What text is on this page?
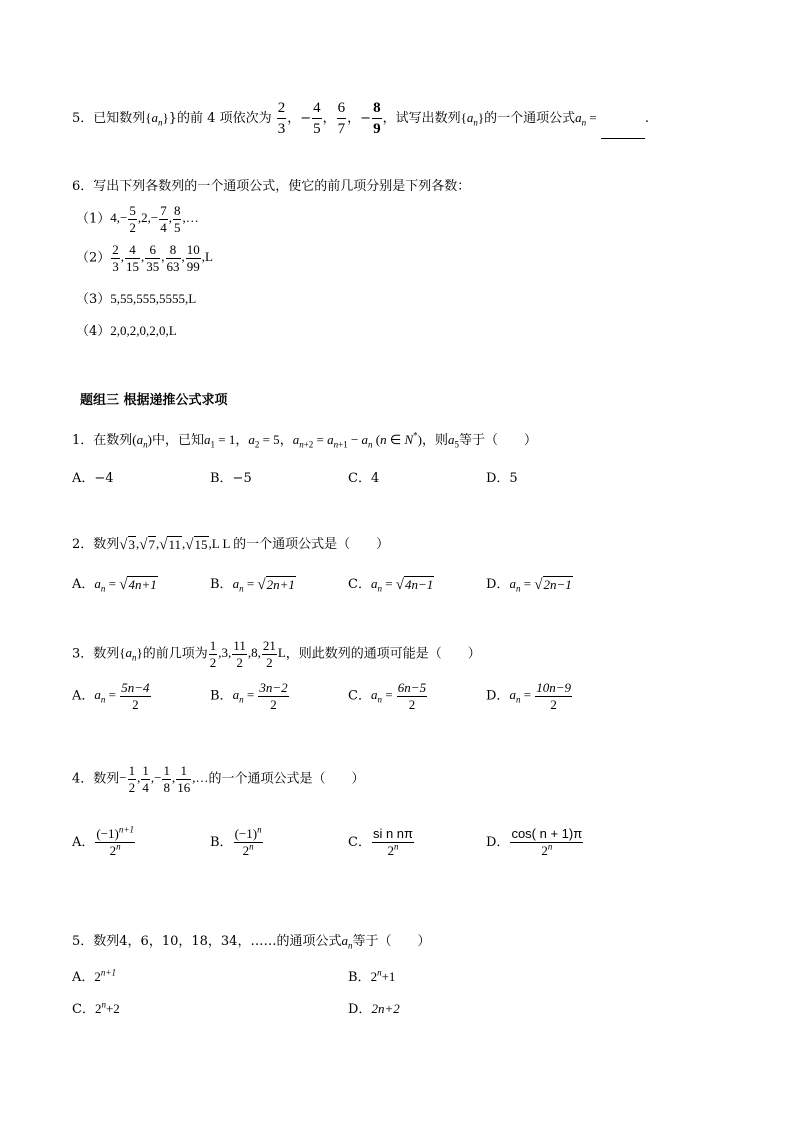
5．已知数列$\{a_n\}$}的前 4 项依次为 $\frac{2}{3}$ ，− $\frac{4}{5}$ ， $\frac{6}{7}$ ，− $\frac{8}{9}$ ，试写出数列$\{a_n\}$的一个通项公式$a_n$ =	.
6．写出下列各数列的一个通项公式，使它的前几项分别是下列各数：
$(1)4,- \frac{5}{2} ,2,- \frac{7}{4}$ , $\frac{8}{5}$ ,…
$(2) \frac{2}{3}$ , $\frac{4}{15}$ , $\frac{6}{35}$ , $\frac{8}{63}$ , $\frac{10}{99} ,L$
（3）5,55,555,5555,L
（4）2,0,2,0,2,0,L
题组三 根据递推公式求项
1．在数列$(a_n)$中，已知$a_1 = 1$，$a_2 = 5$，$a_{n+2} = a_{n+1} - a_n$ (n ∈ N*)，则$a_5$等于（　　）
A．−4	B．−5	C．4	D．5
2．数列√3,√7,√11,√15,L L 的一个通项公式是（　　）
A．$a_n = √4n+1$	B．$a_n = √2n+1$	C．$a_n = √4n-1$	D．$a_n = √2n-1$
3．数列$\{a_n\}$的前几项为 $\frac{1}{2} ,3$, $\frac{11}{2} ,8$, $\frac{21}{2}$ L，则此数列的通项可能是（　　）
A．$a_n = \frac{5n-4}{2}$	B．$a_n = \frac{3n-2}{2}$	C．$a_n = \frac{6n-5}{2}$	D．$a_n = \frac{10n-9}{2}$
4．数列− $\frac{1}{2}$ , $\frac{1}{4}$ ,− $\frac{1}{8}$ , $\frac{1}{16}$ ,…的一个通项公式是（　　）
A． $\frac{(-1)^{n+1}}{2^n}$	B． $\frac{(-1)^n}{2^n}$	C． $\frac{\text{si n nπ}}{2^n}$	D． $\frac{\cos( n + 1)\pi}{2^n}$
5．数列4，6，10，18，34，……的通项公式$a_n$等于（　　）
A．$2^{n+1}$	B．$2^n+1$
C．$2^n+2$	D．2n+2
